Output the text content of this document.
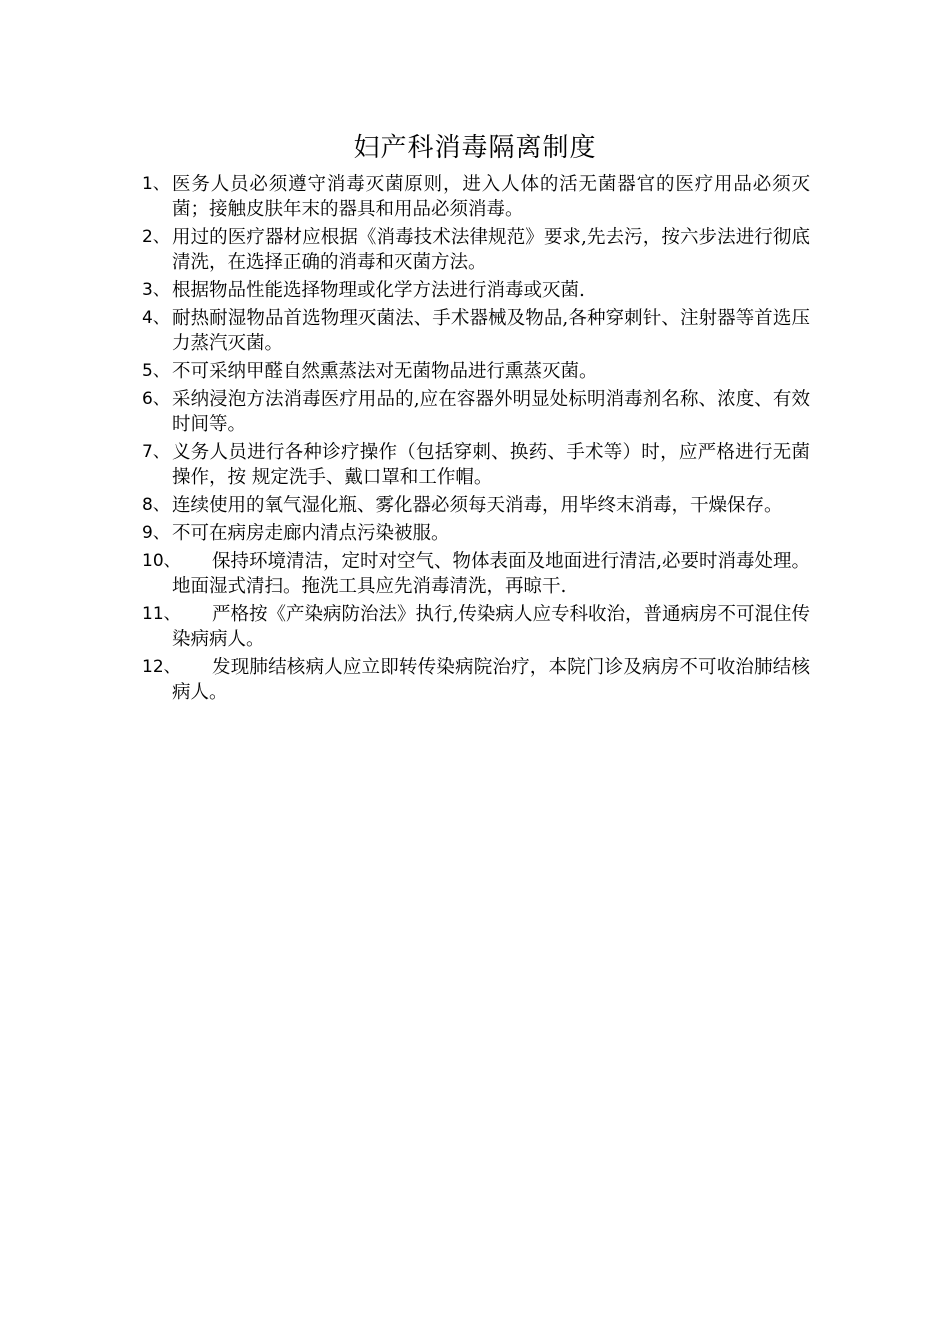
妇产科消毒隔离制度
1、 医务人员必须遵守消毒灭菌原则，进入人体的活无菌器官的医疗用品必须灭菌；接触皮肤年末的器具和用品必须消毒。
2、 用过的医疗器材应根据《消毒技术法律规范》要求,先去污，按六步法进行彻底清洗，在选择正确的消毒和灭菌方法。
3、 根据物品性能选择物理或化学方法进行消毒或灭菌.
4、 耐热耐湿物品首选物理灭菌法、手术器械及物品,各种穿刺针、注射器等首选压力蒸汽灭菌。
5、 不可采纳甲醛自然熏蒸法对无菌物品进行熏蒸灭菌。
6、 采纳浸泡方法消毒医疗用品的,应在容器外明显处标明消毒剂名称、浓度、有效时间等。
7、 义务人员进行各种诊疗操作（包括穿刺、换药、手术等）时，应严格进行无菌操作，按 规定洗手、戴口罩和工作帽。
8、 连续使用的氧气湿化瓶、雾化器必须每天消毒，用毕终末消毒，干燥保存。
9、 不可在病房走廊内清点污染被服。
10、	保持环境清洁，定时对空气、物体表面及地面进行清洁,必要时消毒处理。地面湿式清扫。拖洗工具应先消毒清洗，再晾干.
11、	严格按《产染病防治法》执行,传染病人应专科收治，普通病房不可混住传染病病人。
12、	发现肺结核病人应立即转传染病院治疗，本院门诊及病房不可收治肺结核病人。
